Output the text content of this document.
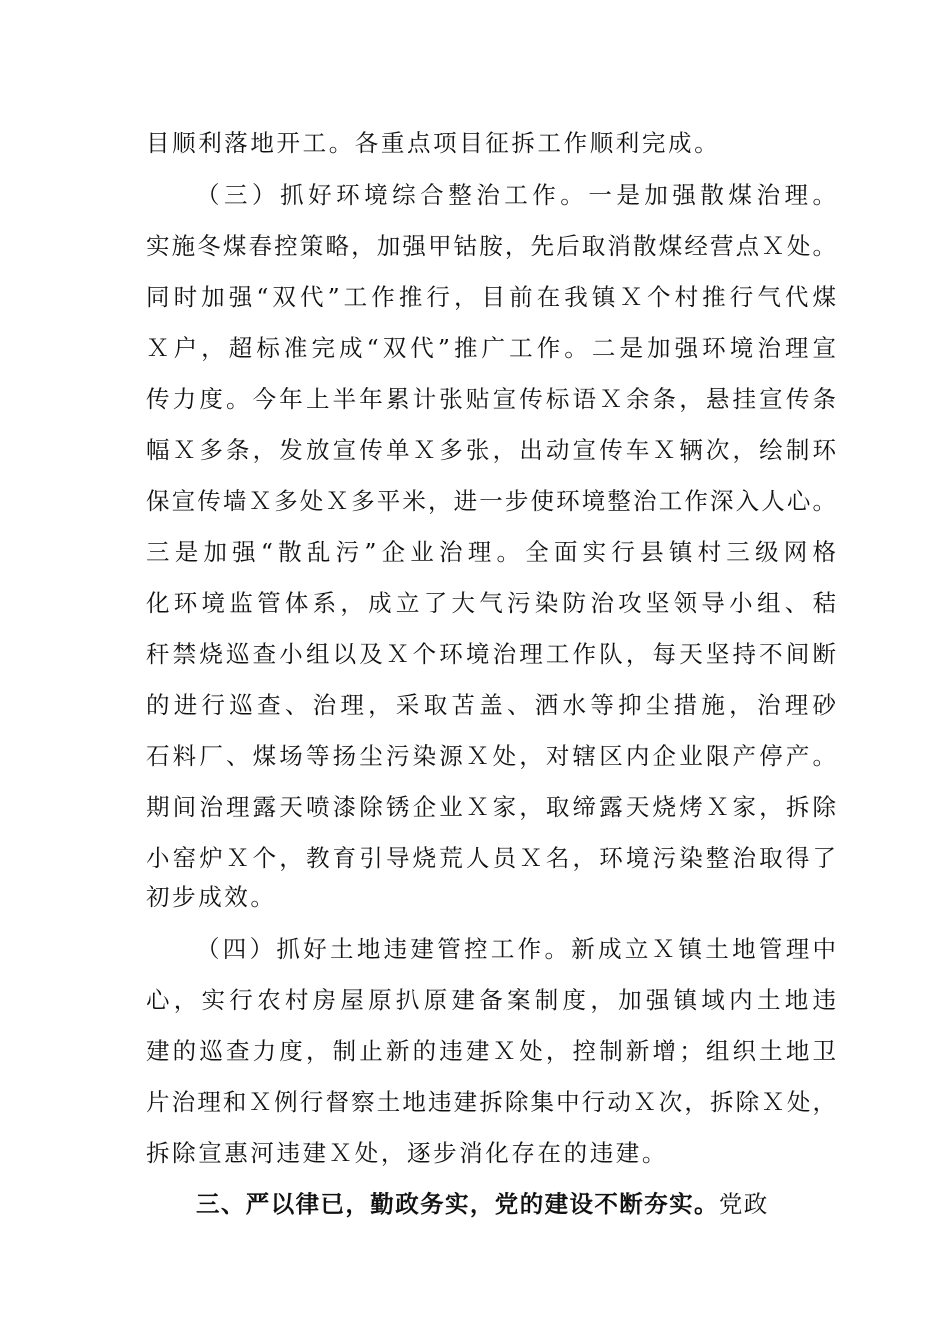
目顺利落地开工。各重点项目征拆工作顺利完成。
（三）抓好环境综合整治工作。一是加强散煤治理。
实施冬煤春控策略，加强甲钴胺，先后取消散煤经营点Ｘ处。
同时加强“双代”工作推行，目前在我镇Ｘ个村推行气代煤
Ｘ户，超标准完成“双代”推广工作。二是加强环境治理宣
传力度。今年上半年累计张贴宣传标语Ｘ余条，悬挂宣传条
幅Ｘ多条，发放宣传单Ｘ多张，出动宣传车Ｘ辆次，绘制环
保宣传墙Ｘ多处Ｘ多平米，进一步使环境整治工作深入人心。
三是加强“散乱污”企业治理。全面实行县镇村三级网格
化环境监管体系，成立了大气污染防治攻坚领导小组、秸
秆禁烧巡查小组以及Ｘ个环境治理工作队，每天坚持不间断
的进行巡查、治理，采取苫盖、洒水等抑尘措施，治理砂
石料厂、煤场等扬尘污染源Ｘ处，对辖区内企业限产停产。
期间治理露天喷漆除锈企业Ｘ家，取缔露天烧烤Ｘ家，拆除
小窑炉Ｘ个，教育引导烧荒人员Ｘ名，环境污染整治取得了
初步成效。
（四）抓好土地违建管控工作。新成立Ｘ镇土地管理中
心，实行农村房屋原扒原建备案制度，加强镇域内土地违
建的巡查力度，制止新的违建Ｘ处，控制新增；组织土地卫
片治理和Ｘ例行督察土地违建拆除集中行动Ｘ次，拆除Ｘ处，
拆除宣惠河违建Ｘ处，逐步消化存在的违建。
三、严以律已，勤政务实，党的建设不断夯实。党政
